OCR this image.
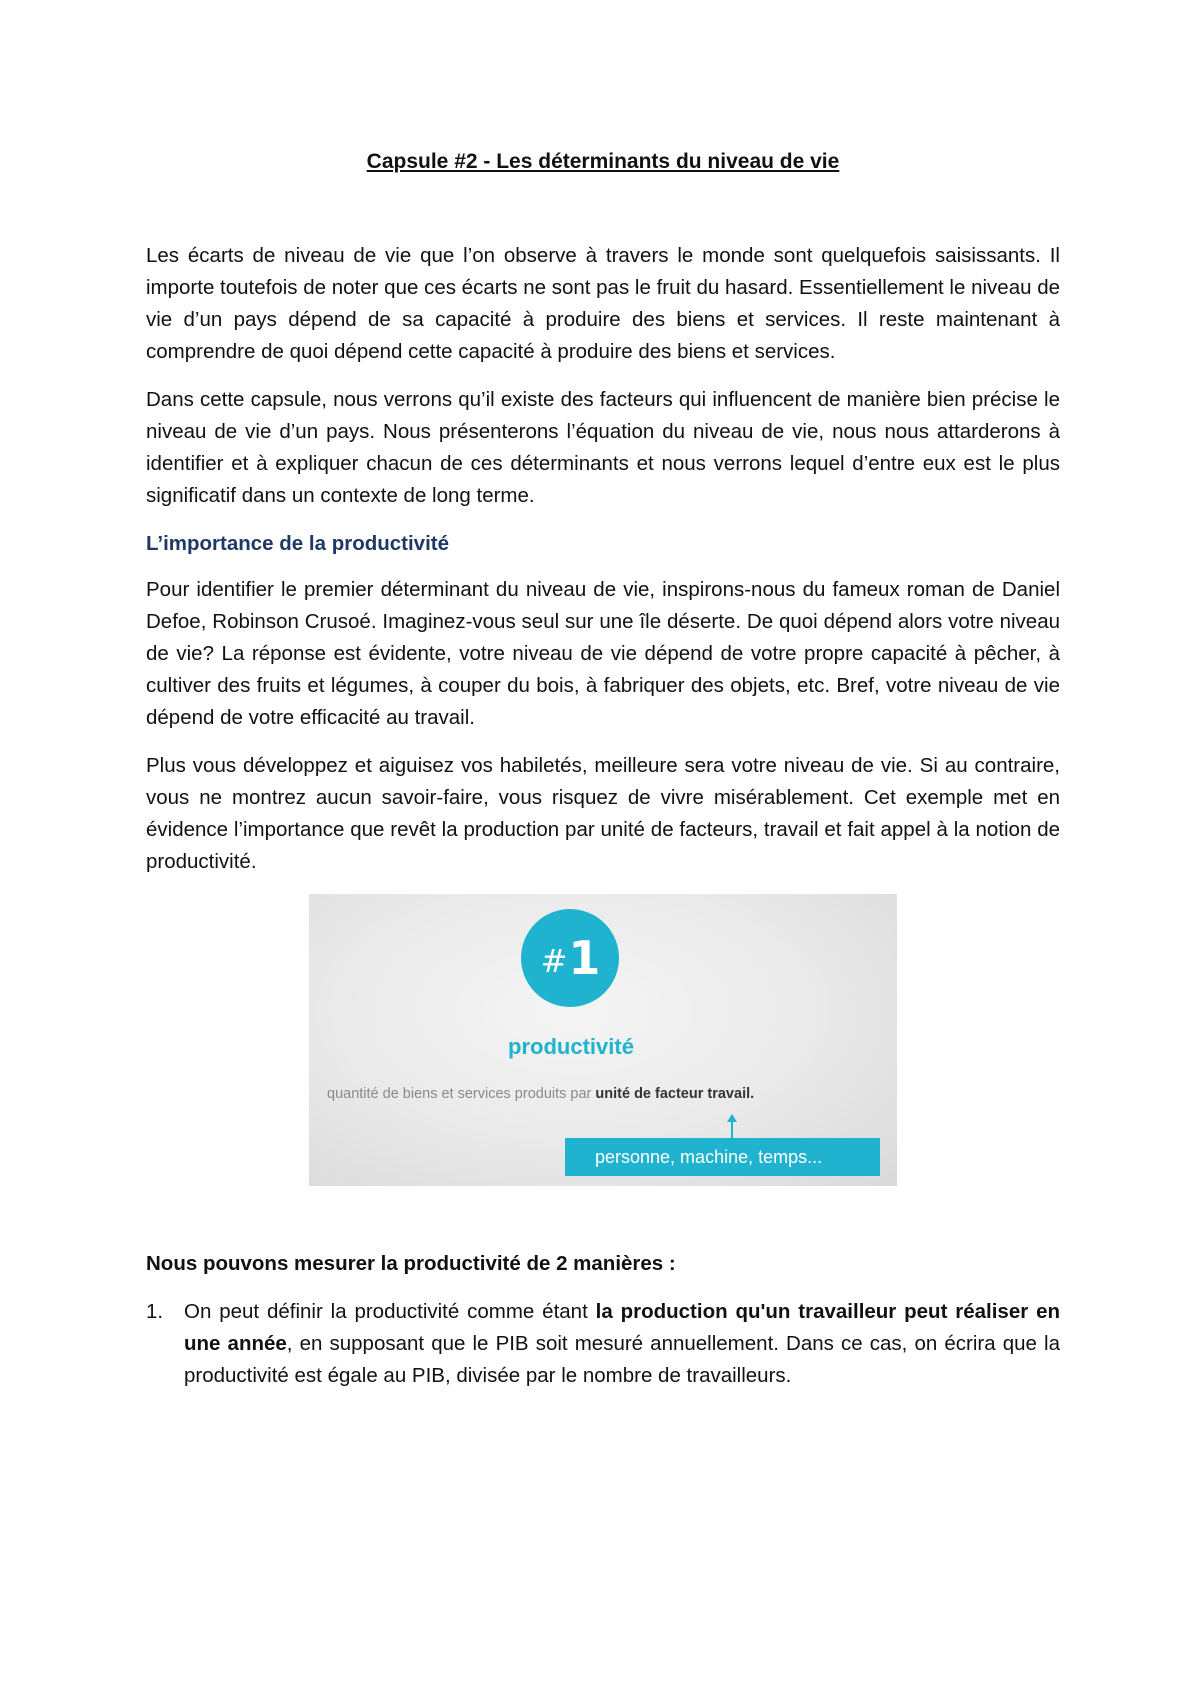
Capsule #2 - Les déterminants du niveau de vie

Les écarts de niveau de vie que l’on observe à travers le monde sont quelquefois saisissants. Il importe toutefois de noter que ces écarts ne sont pas le fruit du hasard. Essentiellement le niveau de vie d’un pays dépend de sa capacité à produire des biens et services. Il reste maintenant à comprendre de quoi dépend cette capacité à produire des biens et services.

Dans cette capsule, nous verrons qu’il existe des facteurs qui influencent de manière bien précise le niveau de vie d’un pays. Nous présenterons l’équation du niveau de vie, nous nous attarderons à identifier et à expliquer chacun de ces déterminants et nous verrons lequel d’entre eux est le plus significatif dans un contexte de long terme.

L’importance de la productivité

Pour identifier le premier déterminant du niveau de vie, inspirons-nous du fameux roman de Daniel Defoe, Robinson Crusoé. Imaginez-vous seul sur une île déserte. De quoi dépend alors votre niveau de vie? La réponse est évidente, votre niveau de vie dépend de votre propre capacité à pêcher, à cultiver des fruits et légumes, à couper du bois, à fabriquer des objets, etc. Bref, votre niveau de vie dépend de votre efficacité au travail.

Plus vous développez et aiguisez vos habiletés, meilleure sera votre niveau de vie. Si au contraire, vous ne montrez aucun savoir-faire, vous risquez de vivre misérablement. Cet exemple met en évidence l’importance que revêt la production par unité de facteurs, travail et fait appel à la notion de productivité.

# 1
productivité
quantité de biens et services produits par unité de facteur travail.
personne, machine, temps...
Nous pouvons mesurer la productivité de 2 manières :
1. On peut définir la productivité comme étant la production qu'un travailleur peut réaliser en une année, en supposant que le PIB soit mesuré annuellement. Dans ce cas, on écrira que la productivité est égale au PIB, divisée par le nombre de travailleurs.
